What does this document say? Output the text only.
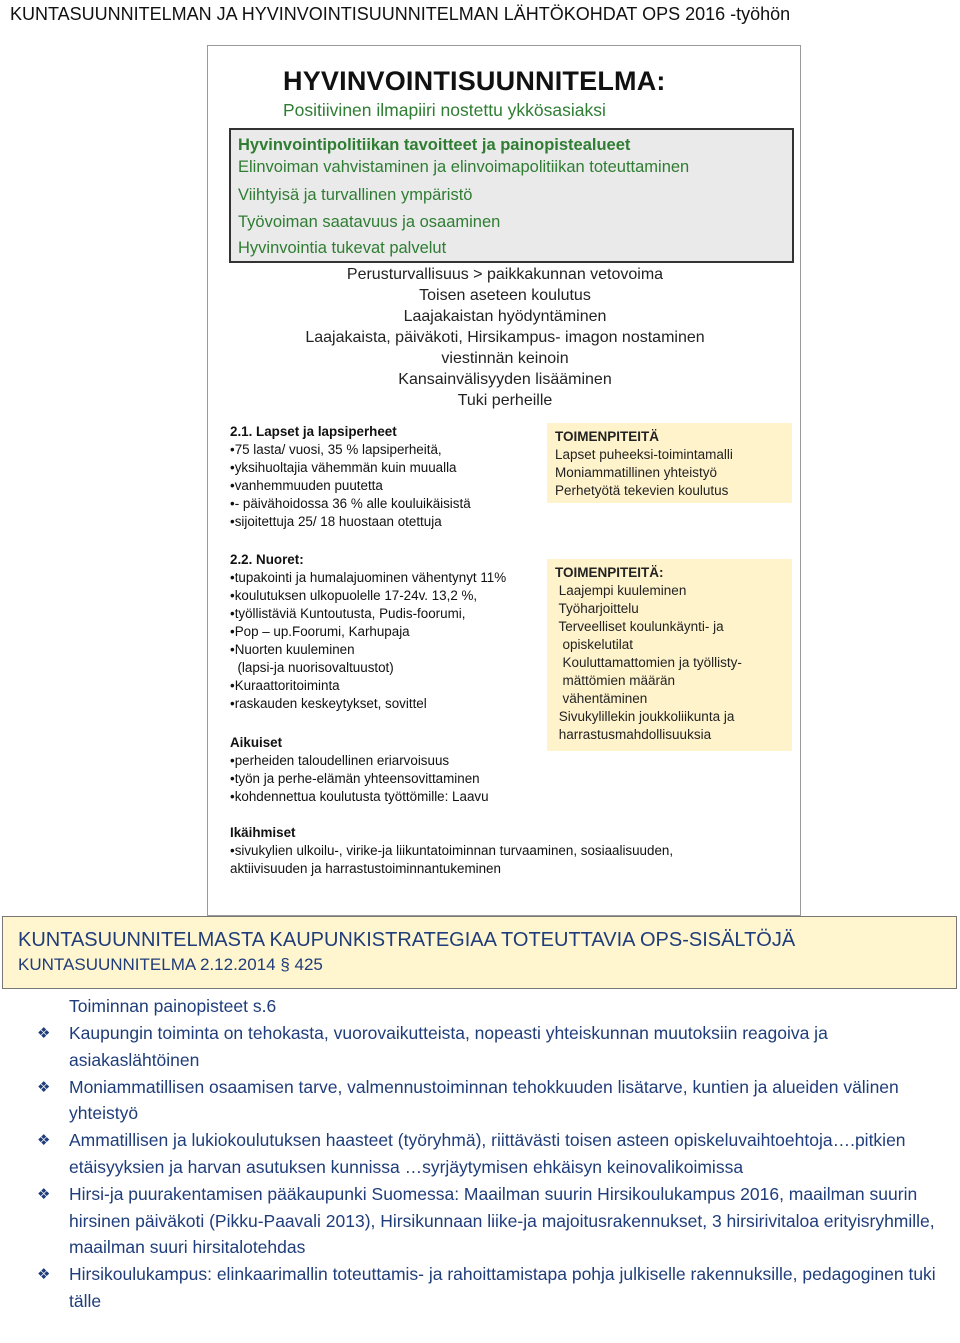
KUNTASUUNNITELMAN JA HYVINVOINTISUUNNITELMAN LÄHTÖKOHDAT OPS 2016 -työhön
HYVINVOINTISUUNNITELMA:
Positiivinen ilmapiiri nostettu ykkösasiaksi
Hyvinvointipolitiikan tavoitteet ja painopistealueet
Elinvoiman vahvistaminen ja elinvoimapolitiikan toteuttaminen
Viihtyisä ja turvallinen ympäristö
Työvoiman saatavuus ja osaaminen
Hyvinvointia tukevat palvelut
Perusturvallisuus > paikkakunnan vetovoima
Toisen aseteen koulutus
Laajakaistan hyödyntäminen
Laajakaista, päiväkoti, Hirsikampus- imagon nostaminen
viestinnän keinoin
Kansainvälisyyden lisääminen
Tuki perheille
2.1. Lapset ja lapsiperheet
•75 lasta/ vuosi, 35 % lapsiperheitä,
•yksihuoltajia vähemmän kuin muualla
•vanhemmuuden puutetta
•- päivähoidossa 36 % alle kouluikäisistä
•sijoitettuja 25/ 18 huostaan otettuja
TOIMENPITEITÄ
Lapset puheeksi-toimintamalli
Moniammatillinen yhteistyö
Perhetyötä tekevien koulutus
2.2. Nuoret:
•tupakointi ja humalajuominen vähentynyt 11%
•koulutuksen ulkopuolelle 17-24v. 13,2 %,
•työllistäviä Kuntoutusta, Pudis-foorumi,
•Pop – up.Foorumi, Karhupaja
•Nuorten kuuleminen
(lapsi-ja nuorisovaltuustot)
•Kuraattoritoiminta
•raskauden keskeytykset, sovittel
TOIMENPITEITÄ:
Laajempi kuuleminen
Työharjoittelu
Terveelliset koulunkäynti- ja
opiskelutilat
Kouluttamattomien ja työllisty-
mättömien määrän
vähentäminen
Sivukylillekin joukkoliikunta ja
harrastusmahdollisuuksia
Aikuiset
•perheiden taloudellinen eriarvoisuus
•työn ja perhe-elämän yhteensovittaminen
•kohdennettua koulutusta työttömille: Laavu
Ikäihmiset
•sivukylien ulkoilu-, virike-ja liikuntatoiminnan turvaaminen, sosiaalisuuden,
aktiivisuuden ja harrastustoiminnantukeminen
KUNTASUUNNITELMASTA KAUPUNKISTRATEGIAA TOTEUTTAVIA OPS-SISÄLTÖJÄ
KUNTASUUNNITELMA 2.12.2014 § 425
Toiminnan painopisteet s.6
❖ Kaupungin toiminta on tehokasta, vuorovaikutteista, nopeasti yhteiskunnan muutoksiin reagoiva ja asiakaslähtöinen
❖ Moniammatillisen osaamisen tarve, valmennustoiminnan tehokkuuden lisätarve, kuntien ja alueiden välinen yhteistyö
❖ Ammatillisen ja lukiokoulutuksen haasteet (työryhmä), riittävästi toisen asteen opiskeluvaihtoehtoja….pitkien etäisyyksien ja harvan asutuksen kunnissa …syrjäytymisen ehkäisyn keinovalikoimissa
❖ Hirsi-ja puurakentamisen pääkaupunki Suomessa: Maailman suurin Hirsikoulukampus 2016, maailman suurin hirsinen päiväkoti (Pikku-Paavali 2013), Hirsikunnaan liike-ja majoitusrakennukset, 3 hirsirivitaloa erityisryhmille, maailman suuri hirsitalotehdas
❖ Hirsikoulukampus: elinkaarimallin toteuttamis- ja rahoittamistapa pohja julkiselle rakennuksille, pedagoginen tuki tälle
